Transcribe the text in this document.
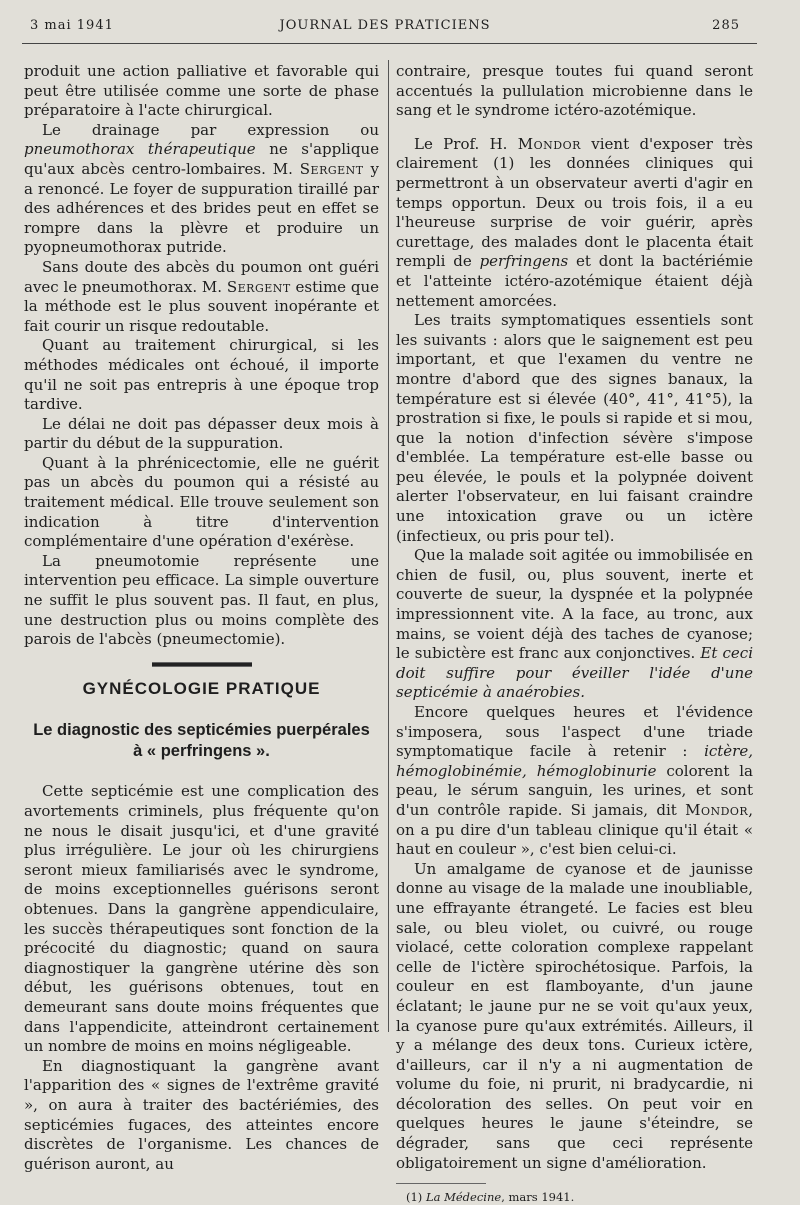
3 mai 1941	JOURNAL DES PRATICIENS	285

produit une action palliative et favorable qui peut être utilisée comme une sorte de phase préparatoire à l'acte chirurgical.

Le drainage par expression ou pneumothorax thérapeutique ne s'applique qu'aux abcès centro-lombaires. M. Sergent y a renoncé. Le foyer de suppuration tiraillé par des adhérences et des brides peut en effet se rompre dans la plèvre et produire un pyopneumothorax putride.

Sans doute des abcès du poumon ont guéri avec le pneumothorax. M. Sergent estime que la méthode est le plus souvent inopérante et fait courir un risque redoutable.

Quant au traitement chirurgical, si les méthodes médicales ont échoué, il importe qu'il ne soit pas entrepris à une époque trop tardive.

Le délai ne doit pas dépasser deux mois à partir du début de la suppuration.

Quant à la phrénicectomie, elle ne guérit pas un abcès du poumon qui a résisté au traitement médical. Elle trouve seulement son indication à titre d'intervention complémentaire d'une opération d'exérèse.

La pneumotomie représente une intervention peu efficace. La simple ouverture ne suffit le plus souvent pas. Il faut, en plus, une destruction plus ou moins complète des parois de l'abcès (pneumectomie).

GYNÉCOLOGIE PRATIQUE
Le diagnostic des septicémies puerpérales
à « perfringens ».

Cette septicémie est une complication des avortements criminels, plus fréquente qu'on ne nous le disait jusqu'ici, et d'une gravité plus irrégulière. Le jour où les chirurgiens seront mieux familiarisés avec le syndrome, de moins exceptionnelles guérisons seront obtenues. Dans la gangrène appendiculaire, les succès thérapeutiques sont fonction de la précocité du diagnostic; quand on saura diagnostiquer la gangrène utérine dès son début, les guérisons obtenues, tout en demeurant sans doute moins fréquentes que dans l'appendicite, atteindront certainement un nombre de moins en moins négligeable.

En diagnostiquant la gangrène avant l'apparition des « signes de l'extrême gravité », on aura à traiter des bactériémies, des septicémies fugaces, des atteintes encore discrètes de l'organisme. Les chances de guérison auront, au

contraire, presque toutes fui quand seront accentués la pullulation microbienne dans le sang et le syndrome ictéro-azotémique.

Le Prof. H. Mondor vient d'exposer très clairement (1) les données cliniques qui permettront à un observateur averti d'agir en temps opportun. Deux ou trois fois, il a eu l'heureuse surprise de voir guérir, après curettage, des malades dont le placenta était rempli de perfringens et dont la bactériémie et l'atteinte ictéro-azotémique étaient déjà nettement amorcées.

Les traits symptomatiques essentiels sont les suivants : alors que le saignement est peu important, et que l'examen du ventre ne montre d'abord que des signes banaux, la température est si élevée (40°, 41°, 41°5), la prostration si fixe, le pouls si rapide et si mou, que la notion d'infection sévère s'impose d'emblée. La température est-elle basse ou peu élevée, le pouls et la polypnée doivent alerter l'observateur, en lui faisant craindre une intoxication grave ou un ictère (infectieux, ou pris pour tel).

Que la malade soit agitée ou immobilisée en chien de fusil, ou, plus souvent, inerte et couverte de sueur, la dyspnée et la polypnée impressionnent vite. A la face, au tronc, aux mains, se voient déjà des taches de cyanose; le subictère est franc aux conjonctives. Et ceci doit suffire pour éveiller l'idée d'une septicémie à anaérobies.

Encore quelques heures et l'évidence s'imposera, sous l'aspect d'une triade symptomatique facile à retenir : ictère, hémoglobinémie, hémoglobinurie colorent la peau, le sérum sanguin, les urines, et sont d'un contrôle rapide. Si jamais, dit Mondor, on a pu dire d'un tableau clinique qu'il était « haut en couleur », c'est bien celui-ci.

Un amalgame de cyanose et de jaunisse donne au visage de la malade une inoubliable, une effrayante étrangeté. Le facies est bleu sale, ou bleu violet, ou cuivré, ou rouge violacé, cette coloration complexe rappelant celle de l'ictère spirochétosique. Parfois, la couleur en est flamboyante, d'un jaune éclatant; le jaune pur ne se voit qu'aux yeux, la cyanose pure qu'aux extrémités. Ailleurs, il y a mélange des deux tons. Curieux ictère, d'ailleurs, car il n'y a ni augmentation de volume du foie, ni prurit, ni bradycardie, ni décoloration des selles. On peut voir en quelques heures le jaune s'éteindre, se dégrader, sans que ceci représente obligatoirement un signe d'amélioration.

(1) La Médecine, mars 1941.
